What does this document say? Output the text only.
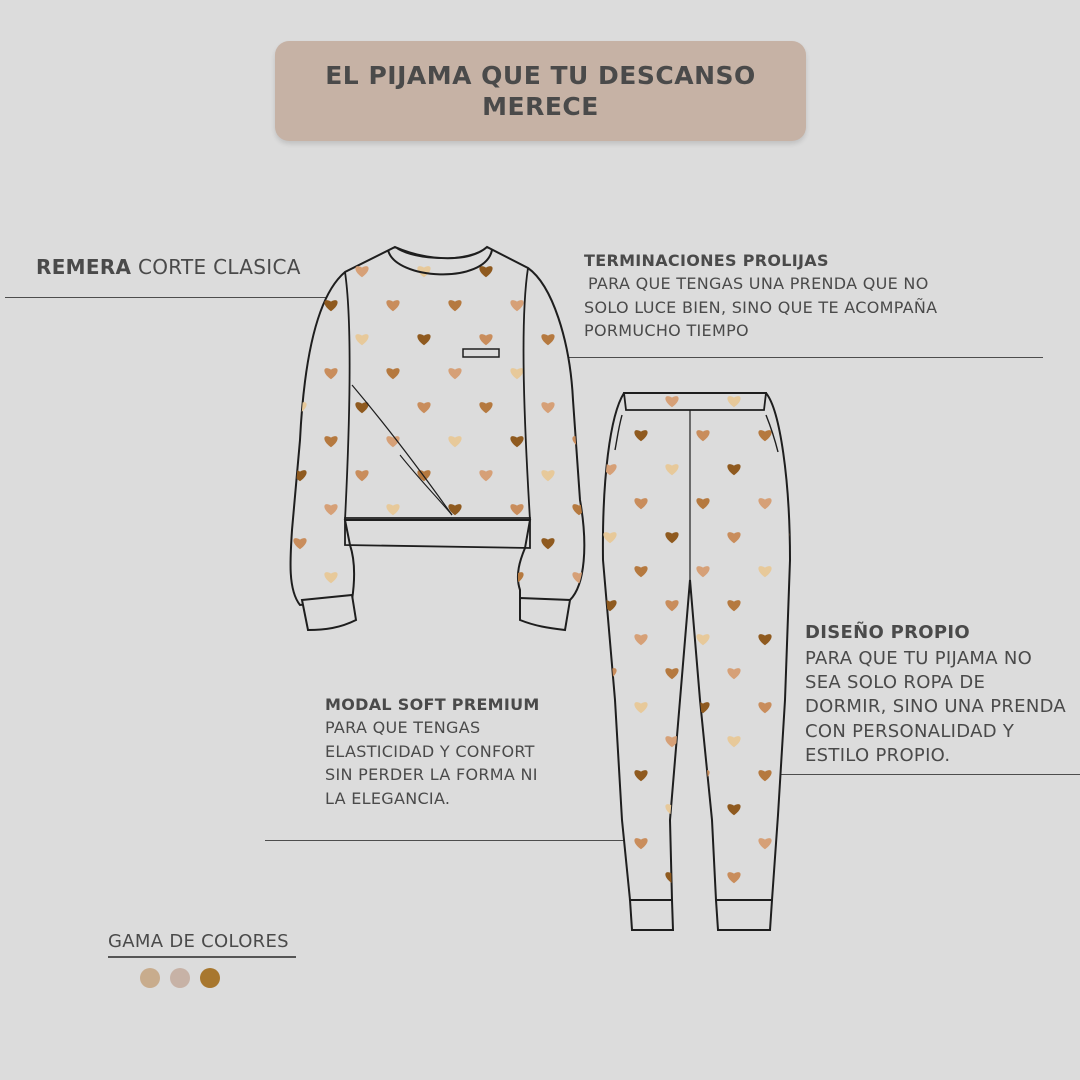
EL PIJAMA QUE TU DESCANSO MERECE
REMERA CORTE CLASICA	TERMINACIONES PROLIJAS
PARA QUE TENGAS UNA PRENDA QUE NO
SOLO LUCE BIEN, SINO QUE TE ACOMPAÑA
PORMUCHO TIEMPO
MODAL SOFT PREMIUM
PARA QUE TENGAS
ELASTICIDAD Y CONFORT
SIN PERDER LA FORMA NI
LA ELEGANCIA.
DISEÑO PROPIO
PARA QUE TU PIJAMA NO
SEA SOLO ROPA DE
DORMIR, SINO UNA PRENDA
CON PERSONALIDAD Y
ESTILO PROPIO.
GAMA DE COLORES
